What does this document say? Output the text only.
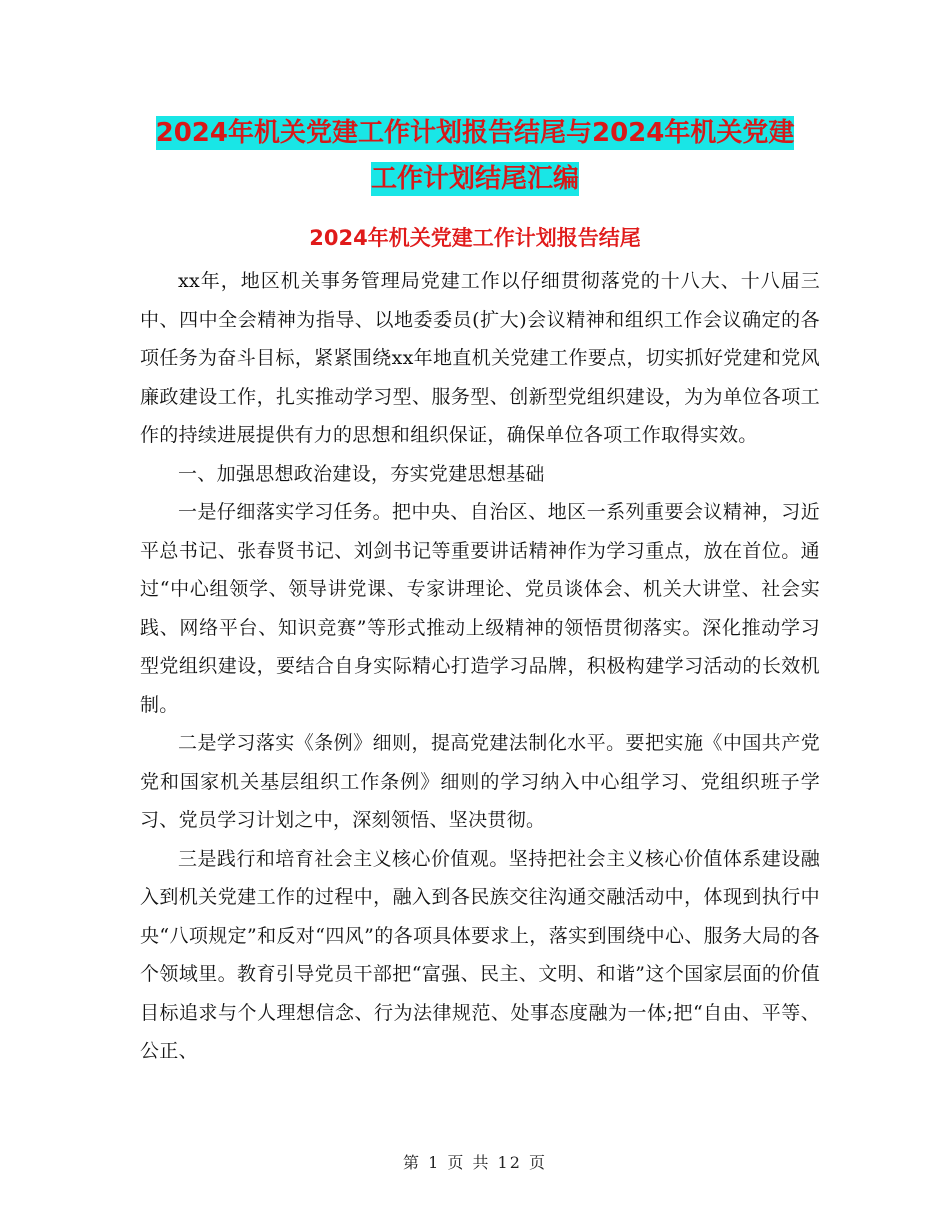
2024年机关党建工作计划报告结尾与2024年机关党建
工作计划结尾汇编
2024年机关党建工作计划报告结尾

xx年，地区机关事务管理局党建工作以仔细贯彻落党的十八大、十八届三中、四中全会精神为指导、以地委委员(扩大)会议精神和组织工作会议确定的各项任务为奋斗目标，紧紧围绕xx年地直机关党建工作要点，切实抓好党建和党风廉政建设工作，扎实推动学习型、服务型、创新型党组织建设，为为单位各项工作的持续进展提供有力的思想和组织保证，确保单位各项工作取得实效。

一、加强思想政治建设，夯实党建思想基础

一是仔细落实学习任务。把中央、自治区、地区一系列重要会议精神，习近平总书记、张春贤书记、刘剑书记等重要讲话精神作为学习重点，放在首位。通过“中心组领学、领导讲党课、专家讲理论、党员谈体会、机关大讲堂、社会实践、网络平台、知识竞赛”等形式推动上级精神的领悟贯彻落实。深化推动学习型党组织建设，要结合自身实际精心打造学习品牌，积极构建学习活动的长效机制。

二是学习落实《条例》细则，提高党建法制化水平。要把实施《中国共产党党和国家机关基层组织工作条例》细则的学习纳入中心组学习、党组织班子学习、党员学习计划之中，深刻领悟、坚决贯彻。

三是践行和培育社会主义核心价值观。坚持把社会主义核心价值体系建设融入到机关党建工作的过程中，融入到各民族交往沟通交融活动中，体现到执行中央“八项规定”和反对“四风”的各项具体要求上，落实到围绕中心、服务大局的各个领域里。教育引导党员干部把“富强、民主、文明、和谐”这个国家层面的价值目标追求与个人理想信念、行为法律规范、处事态度融为一体;把“自由、平等、公正、

第 1 页 共 12 页
